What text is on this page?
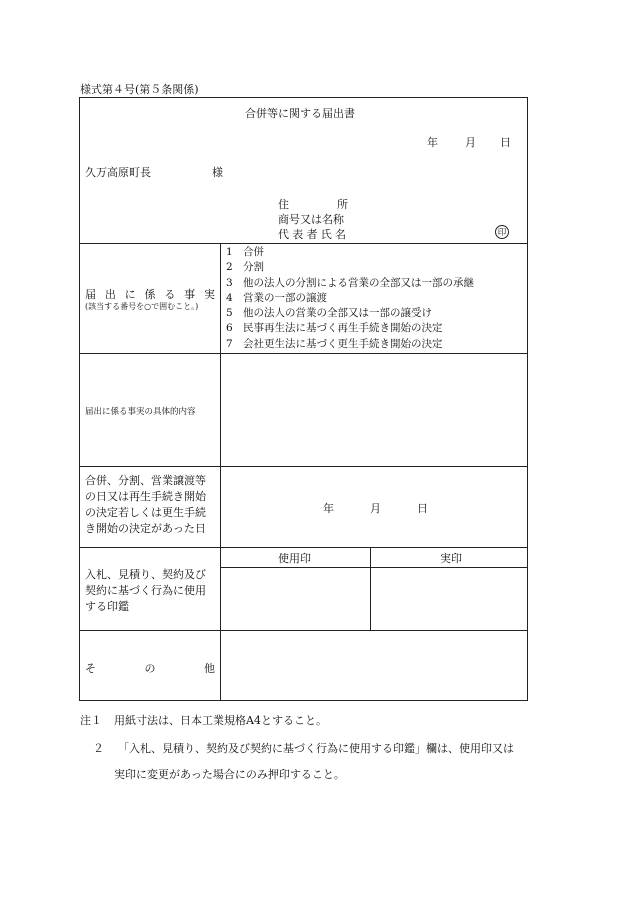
様式第４号(第５条関係)
合併等に関する届出書
年 月 日
久万高原町長	様
住	所
商号又は名称
代 表 者 氏 名	印
届 出 に 係 る 事 実
(該当する番号を○で囲むこと。)
1 合併
2 分割
3 他の法人の分割による営業の全部又は一部の承継
4 営業の一部の譲渡
5 他の法人の営業の全部又は一部の譲受け
6 民事再生法に基づく再生手続き開始の決定
7 会社更生法に基づく更生手続き開始の決定
届出に係る事実の具体的内容
合併、分割、営業譲渡等
の日又は再生手続き開始
の決定若しくは更生手続
き開始の決定があった日
年	月	日
入札、見積り、契約及び
契約に基づく行為に使用
する印鑑
使用印	実印
そ	の	他
注１ 用紙寸法は、日本工業規格A4とすること。
２ 「入札、見積り、契約及び契約に基づく行為に使用する印鑑」欄は、使用印又は
実印に変更があった場合にのみ押印すること。
